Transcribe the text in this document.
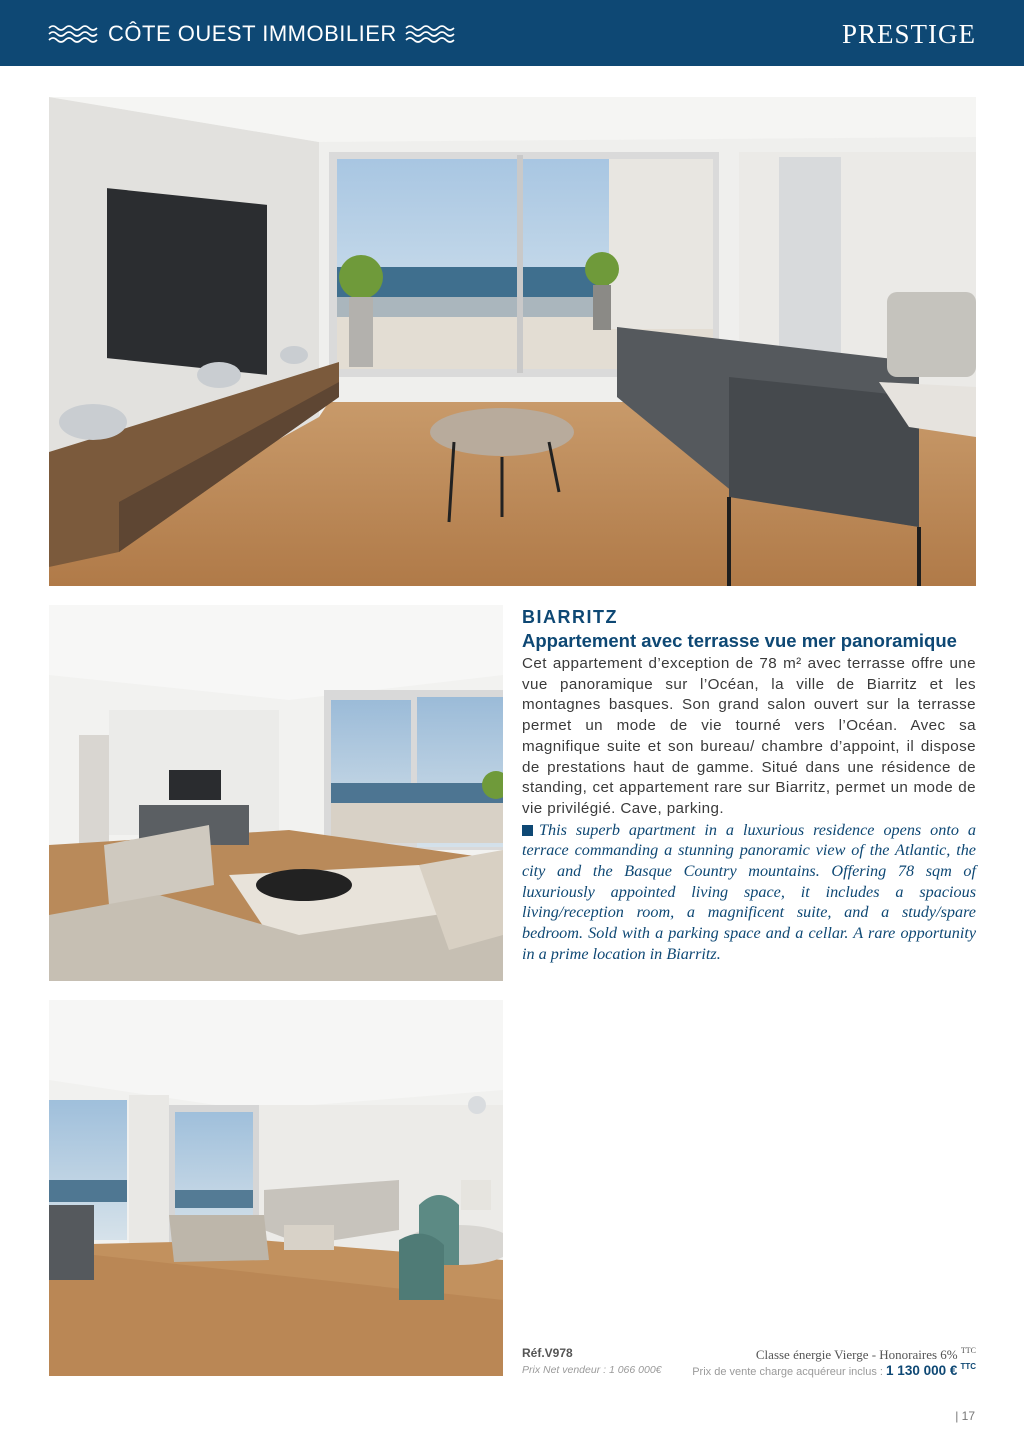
CÔTE OUEST IMMOBILIER	PRESTIGE
BIARRITZ
Appartement avec terrasse vue mer panoramique

Cet appartement d’exception de 78 m² avec terrasse offre une vue panoramique sur l’Océan, la ville de Biarritz et les montagnes basques. Son grand salon ouvert sur la terrasse permet un mode de vie tourné vers l’Océan. Avec sa magnifique suite et son bureau/ chambre d’appoint, il dispose de prestations haut de gamme. Situé dans une résidence de standing, cet appartement rare sur Biarritz, permet un mode de vie privilégié. Cave, parking.

This superb apartment in a luxurious residence opens onto a terrace commanding a stunning panoramic view of the Atlantic, the city and the Basque Country mountains. Offering 78 sqm of luxuriously appointed living space, it includes a spacious living/reception room, a magnificent suite, and a study/spare bedroom. Sold with a parking space and a cellar. A rare opportunity in a prime location in Biarritz.

Réf.V978
Prix Net vendeur : 1 066 000€
Classe énergie Vierge - Honoraires 6% $^{TTC}$
Prix de vente charge acquéreur inclus : 1 130 000 € $^{TTC}$
| 17
